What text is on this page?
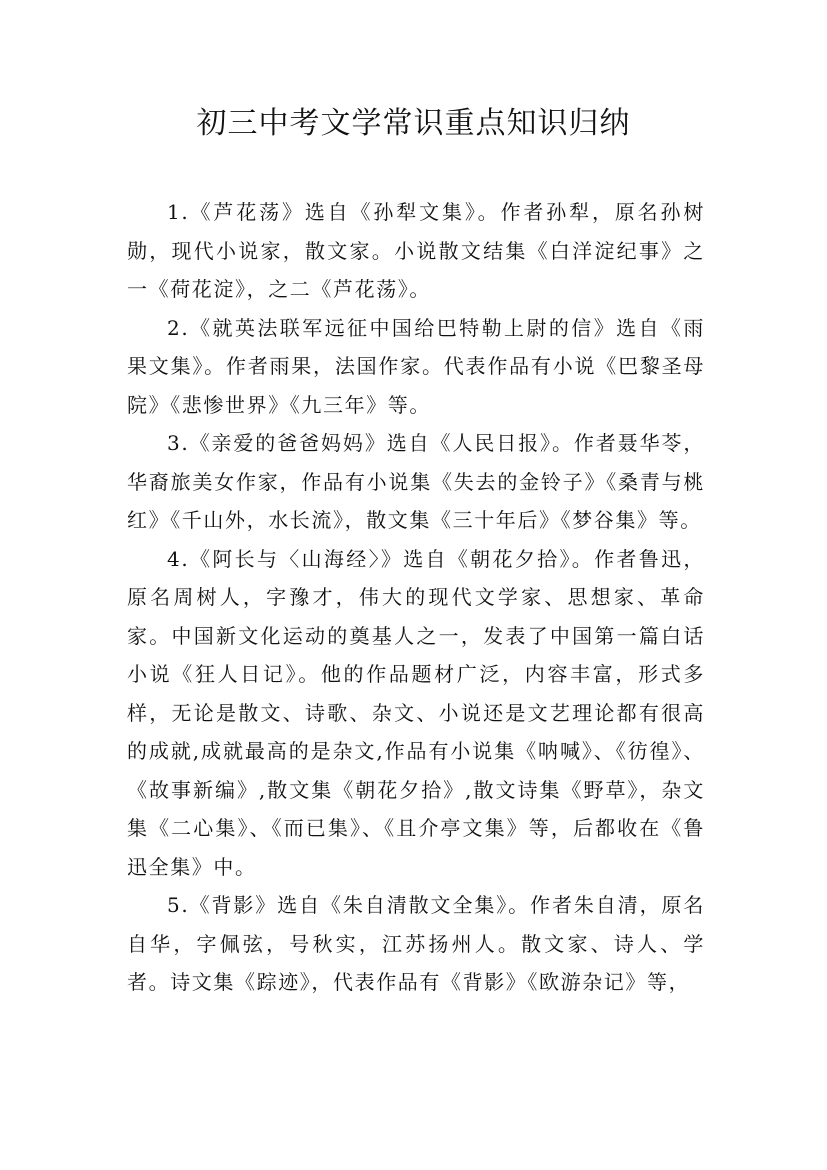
初三中考文学常识重点知识归纳

1.《芦花荡》选自《孙犁文集》。作者孙犁，原名孙树勋，现代小说家，散文家。小说散文结集《白洋淀纪事》之一《荷花淀》，之二《芦花荡》。

2.《就英法联军远征中国给巴特勒上尉的信》选自《雨果文集》。作者雨果，法国作家。代表作品有小说《巴黎圣母院》《悲惨世界》《九三年》等。

3.《亲爱的爸爸妈妈》选自《人民日报》。作者聂华苓，华裔旅美女作家，作品有小说集《失去的金铃子》《桑青与桃红》《千山外，水长流》，散文集《三十年后》《梦谷集》等。

4.《阿长与〈山海经〉》选自《朝花夕拾》。作者鲁迅，原名周树人，字豫才，伟大的现代文学家、思想家、革命家。中国新文化运动的奠基人之一，发表了中国第一篇白话小说《狂人日记》。他的作品题材广泛，内容丰富，形式多样，无论是散文、诗歌、杂文、小说还是文艺理论都有很高的成就,成就最高的是杂文,作品有小说集《呐喊》、《彷徨》、《故事新编》,散文集《朝花夕拾》,散文诗集《野草》，杂文集《二心集》、《而已集》、《且介亭文集》等，后都收在《鲁迅全集》中。

5.《背影》选自《朱自清散文全集》。作者朱自清，原名自华，字佩弦，号秋实，江苏扬州人。散文家、诗人、学者。诗文集《踪迹》，代表作品有《背影》《欧游杂记》等，
